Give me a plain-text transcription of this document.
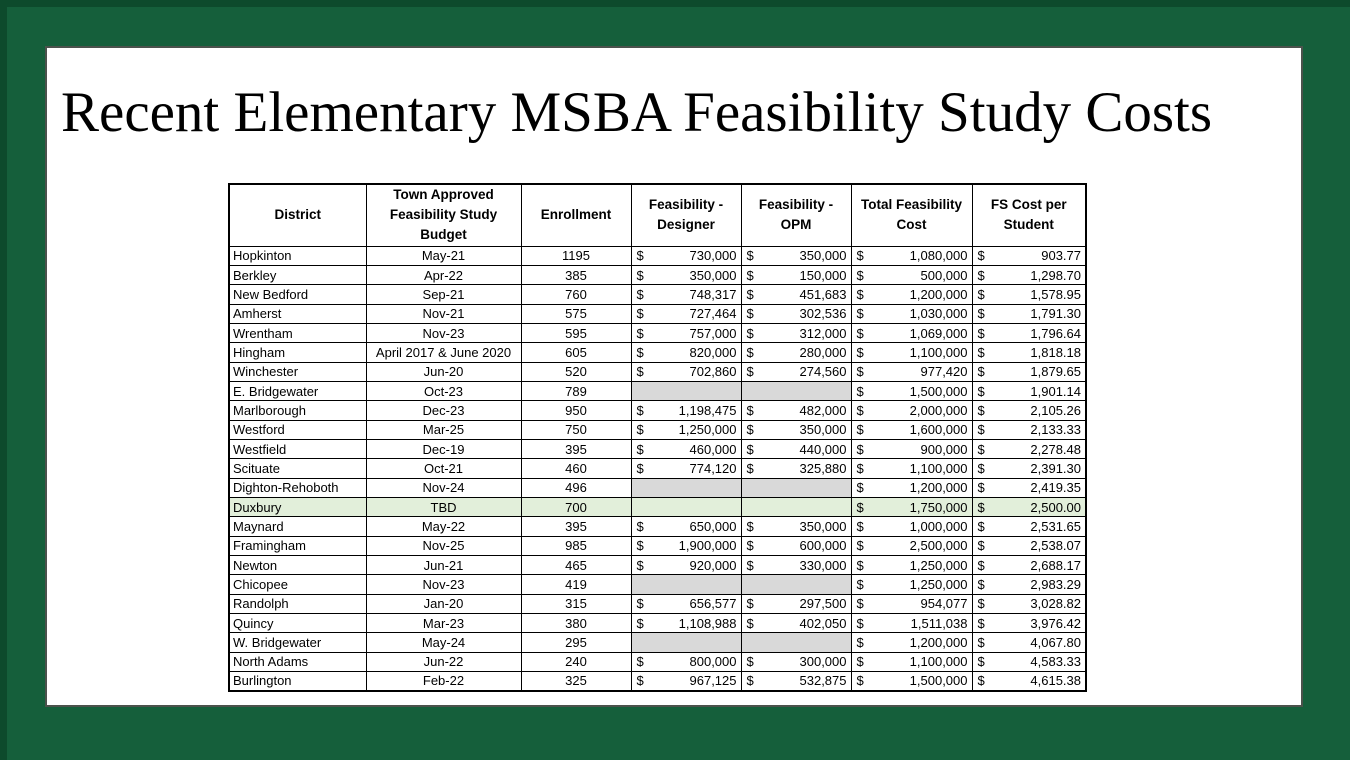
Recent Elementary MSBA Feasibility Study Costs
District	Town Approved Feasibility Study Budget	Enrollment	Feasibility - Designer	Feasibility - OPM	Total Feasibility Cost	FS Cost per Student
Hopkinton	May-21	1195	$ 730,000	$ 350,000	$ 1,080,000	$ 903.77

Berkley	Apr-22	385	$ 350,000	$ 150,000	$ 500,000	$ 1,298.70

New Bedford	Sep-21	760	$ 748,317	$ 451,683	$ 1,200,000	$ 1,578.95

Amherst	Nov-21	575	$ 727,464	$ 302,536	$ 1,030,000	$ 1,791.30

Wrentham	Nov-23	595	$ 757,000	$ 312,000	$ 1,069,000	$ 1,796.64

Hingham	April 2017 & June 2020	605	$ 820,000	$ 280,000	$ 1,100,000	$ 1,818.18

Winchester	Jun-20	520	$ 702,860	$ 274,560	$ 977,420	$ 1,879.65

E. Bridgewater	Oct-23	789			$ 1,500,000	$ 1,901.14

Marlborough	Dec-23	950	$ 1,198,475	$ 482,000	$ 2,000,000	$ 2,105.26

Westford	Mar-25	750	$ 1,250,000	$ 350,000	$ 1,600,000	$ 2,133.33

Westfield	Dec-19	395	$ 460,000	$ 440,000	$ 900,000	$ 2,278.48

Scituate	Oct-21	460	$ 774,120	$ 325,880	$ 1,100,000	$ 2,391.30

Dighton-Rehoboth	Nov-24	496			$ 1,200,000	$ 2,419.35

Duxbury	TBD	700			$ 1,750,000	$ 2,500.00

Maynard	May-22	395	$ 650,000	$ 350,000	$ 1,000,000	$ 2,531.65

Framingham	Nov-25	985	$ 1,900,000	$ 600,000	$ 2,500,000	$ 2,538.07

Newton	Jun-21	465	$ 920,000	$ 330,000	$ 1,250,000	$ 2,688.17

Chicopee	Nov-23	419			$ 1,250,000	$ 2,983.29

Randolph	Jan-20	315	$ 656,577	$ 297,500	$ 954,077	$ 3,028.82

Quincy	Mar-23	380	$ 1,108,988	$ 402,050	$ 1,511,038	$ 3,976.42

W. Bridgewater	May-24	295			$ 1,200,000	$ 4,067.80

North Adams	Jun-22	240	$ 800,000	$ 300,000	$ 1,100,000	$ 4,583.33

Burlington	Feb-22	325	$ 967,125	$ 532,875	$ 1,500,000	$ 4,615.38
